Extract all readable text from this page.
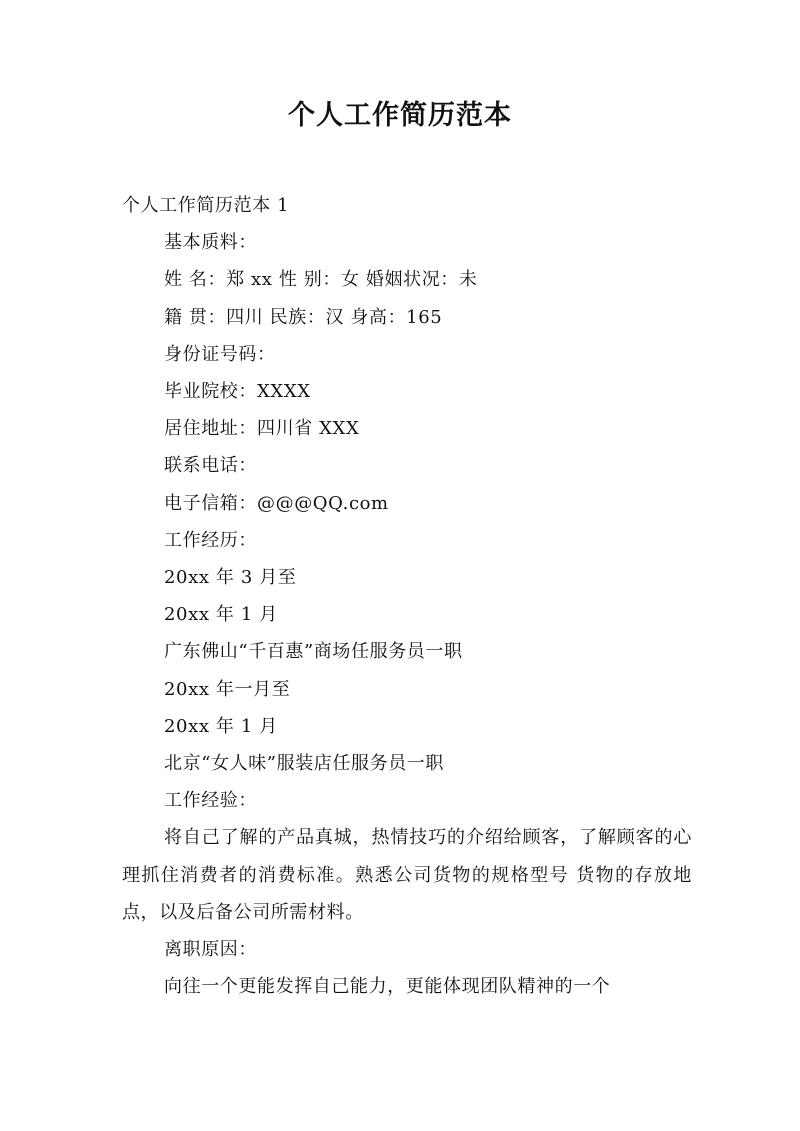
个人工作简历范本

个人工作简历范本 1

基本质料：

姓 名：郑 xx 性 别：女 婚姻状况：未

籍 贯：四川 民族：汉 身高：165

身份证号码：

毕业院校：XXXX

居住地址：四川省 XXX

联系电话：

电子信箱：@@@QQ.com

工作经历：

20xx 年 3 月至

20xx 年 1 月

广东佛山“千百惠”商场任服务员一职

20xx 年一月至

20xx 年 1 月

北京“女人味”服装店任服务员一职

工作经验：

将自己了解的产品真城，热情技巧的介绍给顾客，了解顾客的心理抓住消费者的消费标准。熟悉公司货物的规格型号 货物的存放地点，以及后备公司所需材料。

离职原因：

向往一个更能发挥自己能力，更能体现团队精神的一个
